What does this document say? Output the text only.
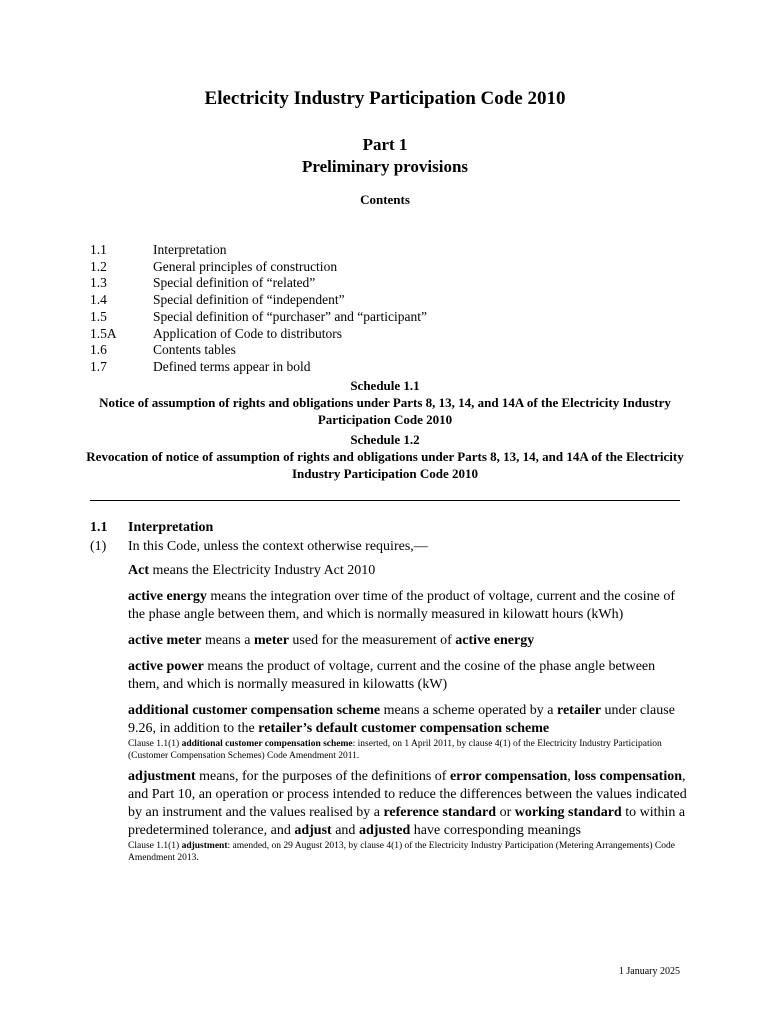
Electricity Industry Participation Code 2010
Part 1
Preliminary provisions
Contents
1.1	Interpretation
1.2	General principles of construction
1.3	Special definition of “related”
1.4	Special definition of “independent”
1.5	Special definition of “purchaser” and “participant”
1.5A	Application of Code to distributors
1.6	Contents tables
1.7	Defined terms appear in bold
Schedule 1.1
Notice of assumption of rights and obligations under Parts 8, 13, 14, and 14A of the Electricity Industry Participation Code 2010
Schedule 1.2
Revocation of notice of assumption of rights and obligations under Parts 8, 13, 14, and 14A of the Electricity Industry Participation Code 2010
1.1 Interpretation
(1) In this Code, unless the context otherwise requires,—

Act means the Electricity Industry Act 2010

active energy means the integration over time of the product of voltage, current and the cosine of the phase angle between them, and which is normally measured in kilowatt hours (kWh)

active meter means a meter used for the measurement of active energy

active power means the product of voltage, current and the cosine of the phase angle between them, and which is normally measured in kilowatts (kW)

additional customer compensation scheme means a scheme operated by a retailer under clause 9.26, in addition to the retailer’s default customer compensation scheme
Clause 1.1(1) additional customer compensation scheme: inserted, on 1 April 2011, by clause 4(1) of the Electricity Industry Participation (Customer Compensation Schemes) Code Amendment 2011.
adjustment means, for the purposes of the definitions of error compensation, loss compensation, and Part 10, an operation or process intended to reduce the differences between the values indicated by an instrument and the values realised by a reference standard or working standard to within a predetermined tolerance, and adjust and adjusted have corresponding meanings
Clause 1.1(1) adjustment: amended, on 29 August 2013, by clause 4(1) of the Electricity Industry Participation (Metering Arrangements) Code Amendment 2013.
1 January 2025
